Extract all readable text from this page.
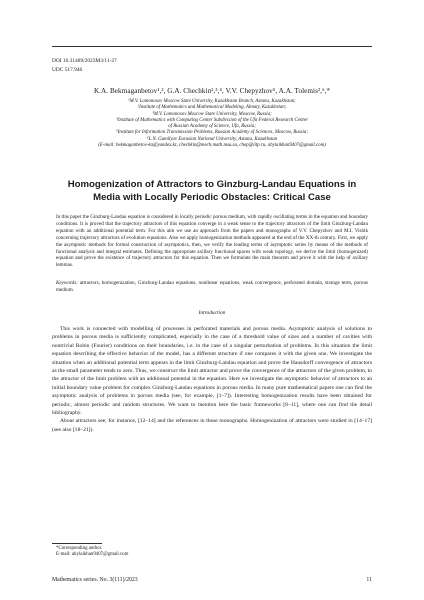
DOI 10.31489/2023M3/11-27
UDC 517.946
K.A. Bekmaganbetov¹,², G.A. Chechkin²,³,⁴, V.V. Chepyzhov⁵, A.A. Tolemis²,⁶,*
¹M.V. Lomonosov Moscow State University, Kazakhstan Branch, Astana, Kazakhstan;
²Institute of Mathematics and Mathematical Modeling, Almaty, Kazakhstan;
³M.V. Lomonosov Moscow State University, Moscow, Russia;
⁴Institute of Mathematics with Computing Center Subdivision of the Ufa Federal Research Center
of Russian Academy of Science, Ufa, Russia;
⁵Institute for Information Transmission Problems, Russian Academy of Sciences, Moscow, Russia;
⁶L.N. Gumilyov Eurasian National University, Astana, Kazakhstan
(E-mail: bekmaganbetov-ka@yandex.kz, chechkin@mech.math.msu.su, chep@iitp.ru, abylaikhan9407@gmail.com)
Homogenization of Attractors to Ginzburg-Landau Equations in
Media with Locally Periodic Obstacles: Critical Case
In this paper the Ginzburg-Landau equation is considered in locally periodic porous medium, with rapidly oscillating terms in the equation and boundary conditions. It is proved that the trajectory attractors of this equation converge in a weak sense to the trajectory attractors of the limit Ginzburg-Landau equation with an additional potential term. For this aim we use an approach from the papers and monographs of V.V. Chepyzhov and M.I. Vishik concerning trajectory attractors of evolution equations. Also we apply homogenization methods appeared at the end of the XX-th century. First, we apply the asymptotic methods for formal construction of asymptotics, then, we verify the leading terms of asymptotic series by means of the methods of functional analysis and integral estimates. Defining the appropriate axillary functional spaces with weak topology, we derive the limit (homogenized) equation and prove the existence of trajectory attractors for this equation. Then we formulate the main theorem and prove it with the help of axillary lemmas.
Keywords: attractors, homogenization, Ginzburg-Landau equations, nonlinear equations, weak convergence, perforated domain, strange term, porous medium.
Introduction

This work is connected with modelling of processes in perforated materials and porous media. Asymptotic analysis of solutions to problems in porous media is sufficiently complicated, especially in the case of a threshold value of sizes and a number of cavities with nontrivial Robin (Fourier) conditions on their boundaries, i.e. in the case of a singular perturbation of problems. In this situation the limit equation describing the effective behavior of the model, has a different structure if one compares it with the given one. We investigate the situation when an additional potential term appears in the limit Ginzburg-Landau equation and prove the Hausdorff convergence of attractors as the small parameter tends to zero. Thus, we construct the limit attractor and prove the convergence of the attractors of the given problem, to the attractor of the limit problem with an additional potential in the equation. Here we investigate the asymptotic behavior of attractors to an initial boundary value problem for complex Ginzburg-Landau equations in porous media. In many pure mathematical papers one can find the asymptotic analysis of problems in porous media (see, for example, [1–7]). Interesting homogenization results have been obtained for periodic, almost periodic and random structures. We want to mention here the basic frameworks [8–11], where one can find the detail bibliography.

About attractors see, for instance, [12–14] and the references in these monographs. Homogenization of attractors were studied in [14–17] (see also [18–21]).

*Corresponding author.
E-mail: abylaikhan9407@gmail.com
Mathematics series. No. 3(111)/2023	11
